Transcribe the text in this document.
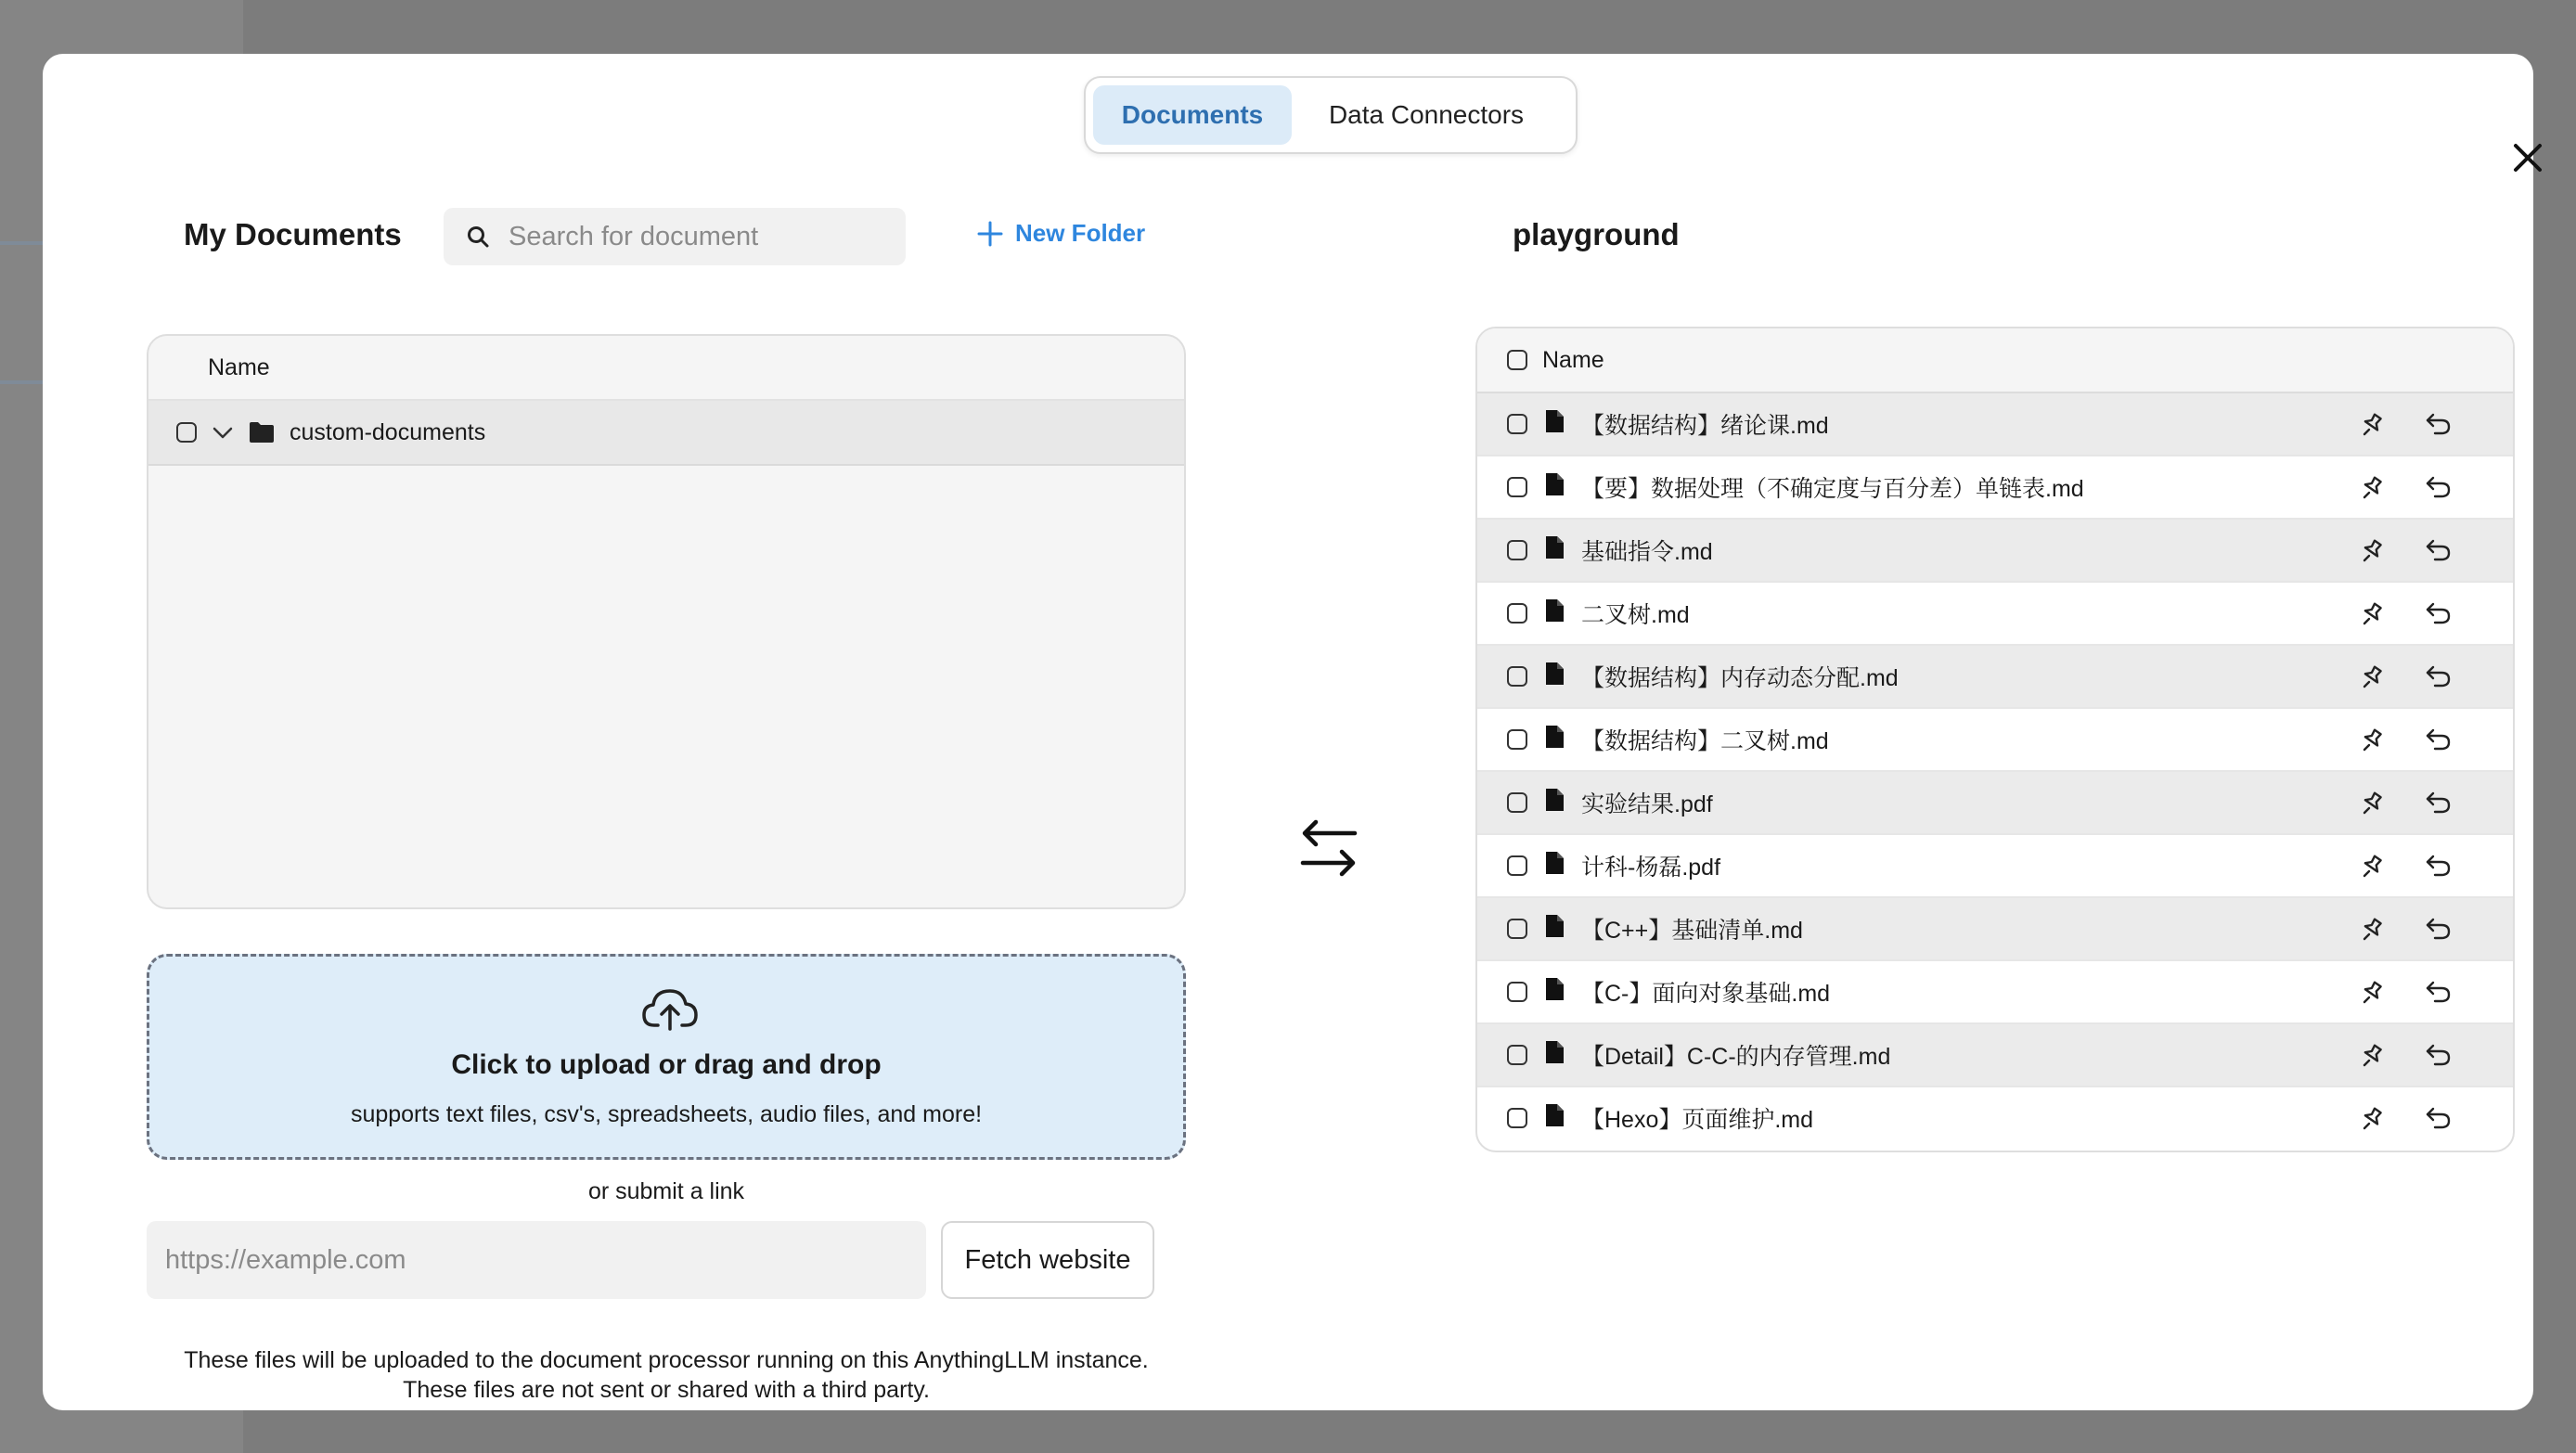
Documents	Data Connectors
My Documents
Search for document	New Folder
Name
custom-documents
Click to upload or drag and drop
supports text files, csv's, spreadsheets, audio files, and more!
or submit a link
https://example.com
Fetch website
These files will be uploaded to the document processor running on this AnythingLLM instance.
These files are not sent or shared with a third party.
playground
Name
【数据结构】绪论课.md
【要】数据处理（不确定度与百分差）单链表.md
基础指令.md
二叉树.md
【数据结构】内存动态分配.md
【数据结构】二叉树.md
实验结果.pdf
计科-杨磊.pdf
【C++】基础清单.md
【C-】面向对象基础.md
【Detail】C-C-的内存管理.md
【Hexo】页面维护.md
